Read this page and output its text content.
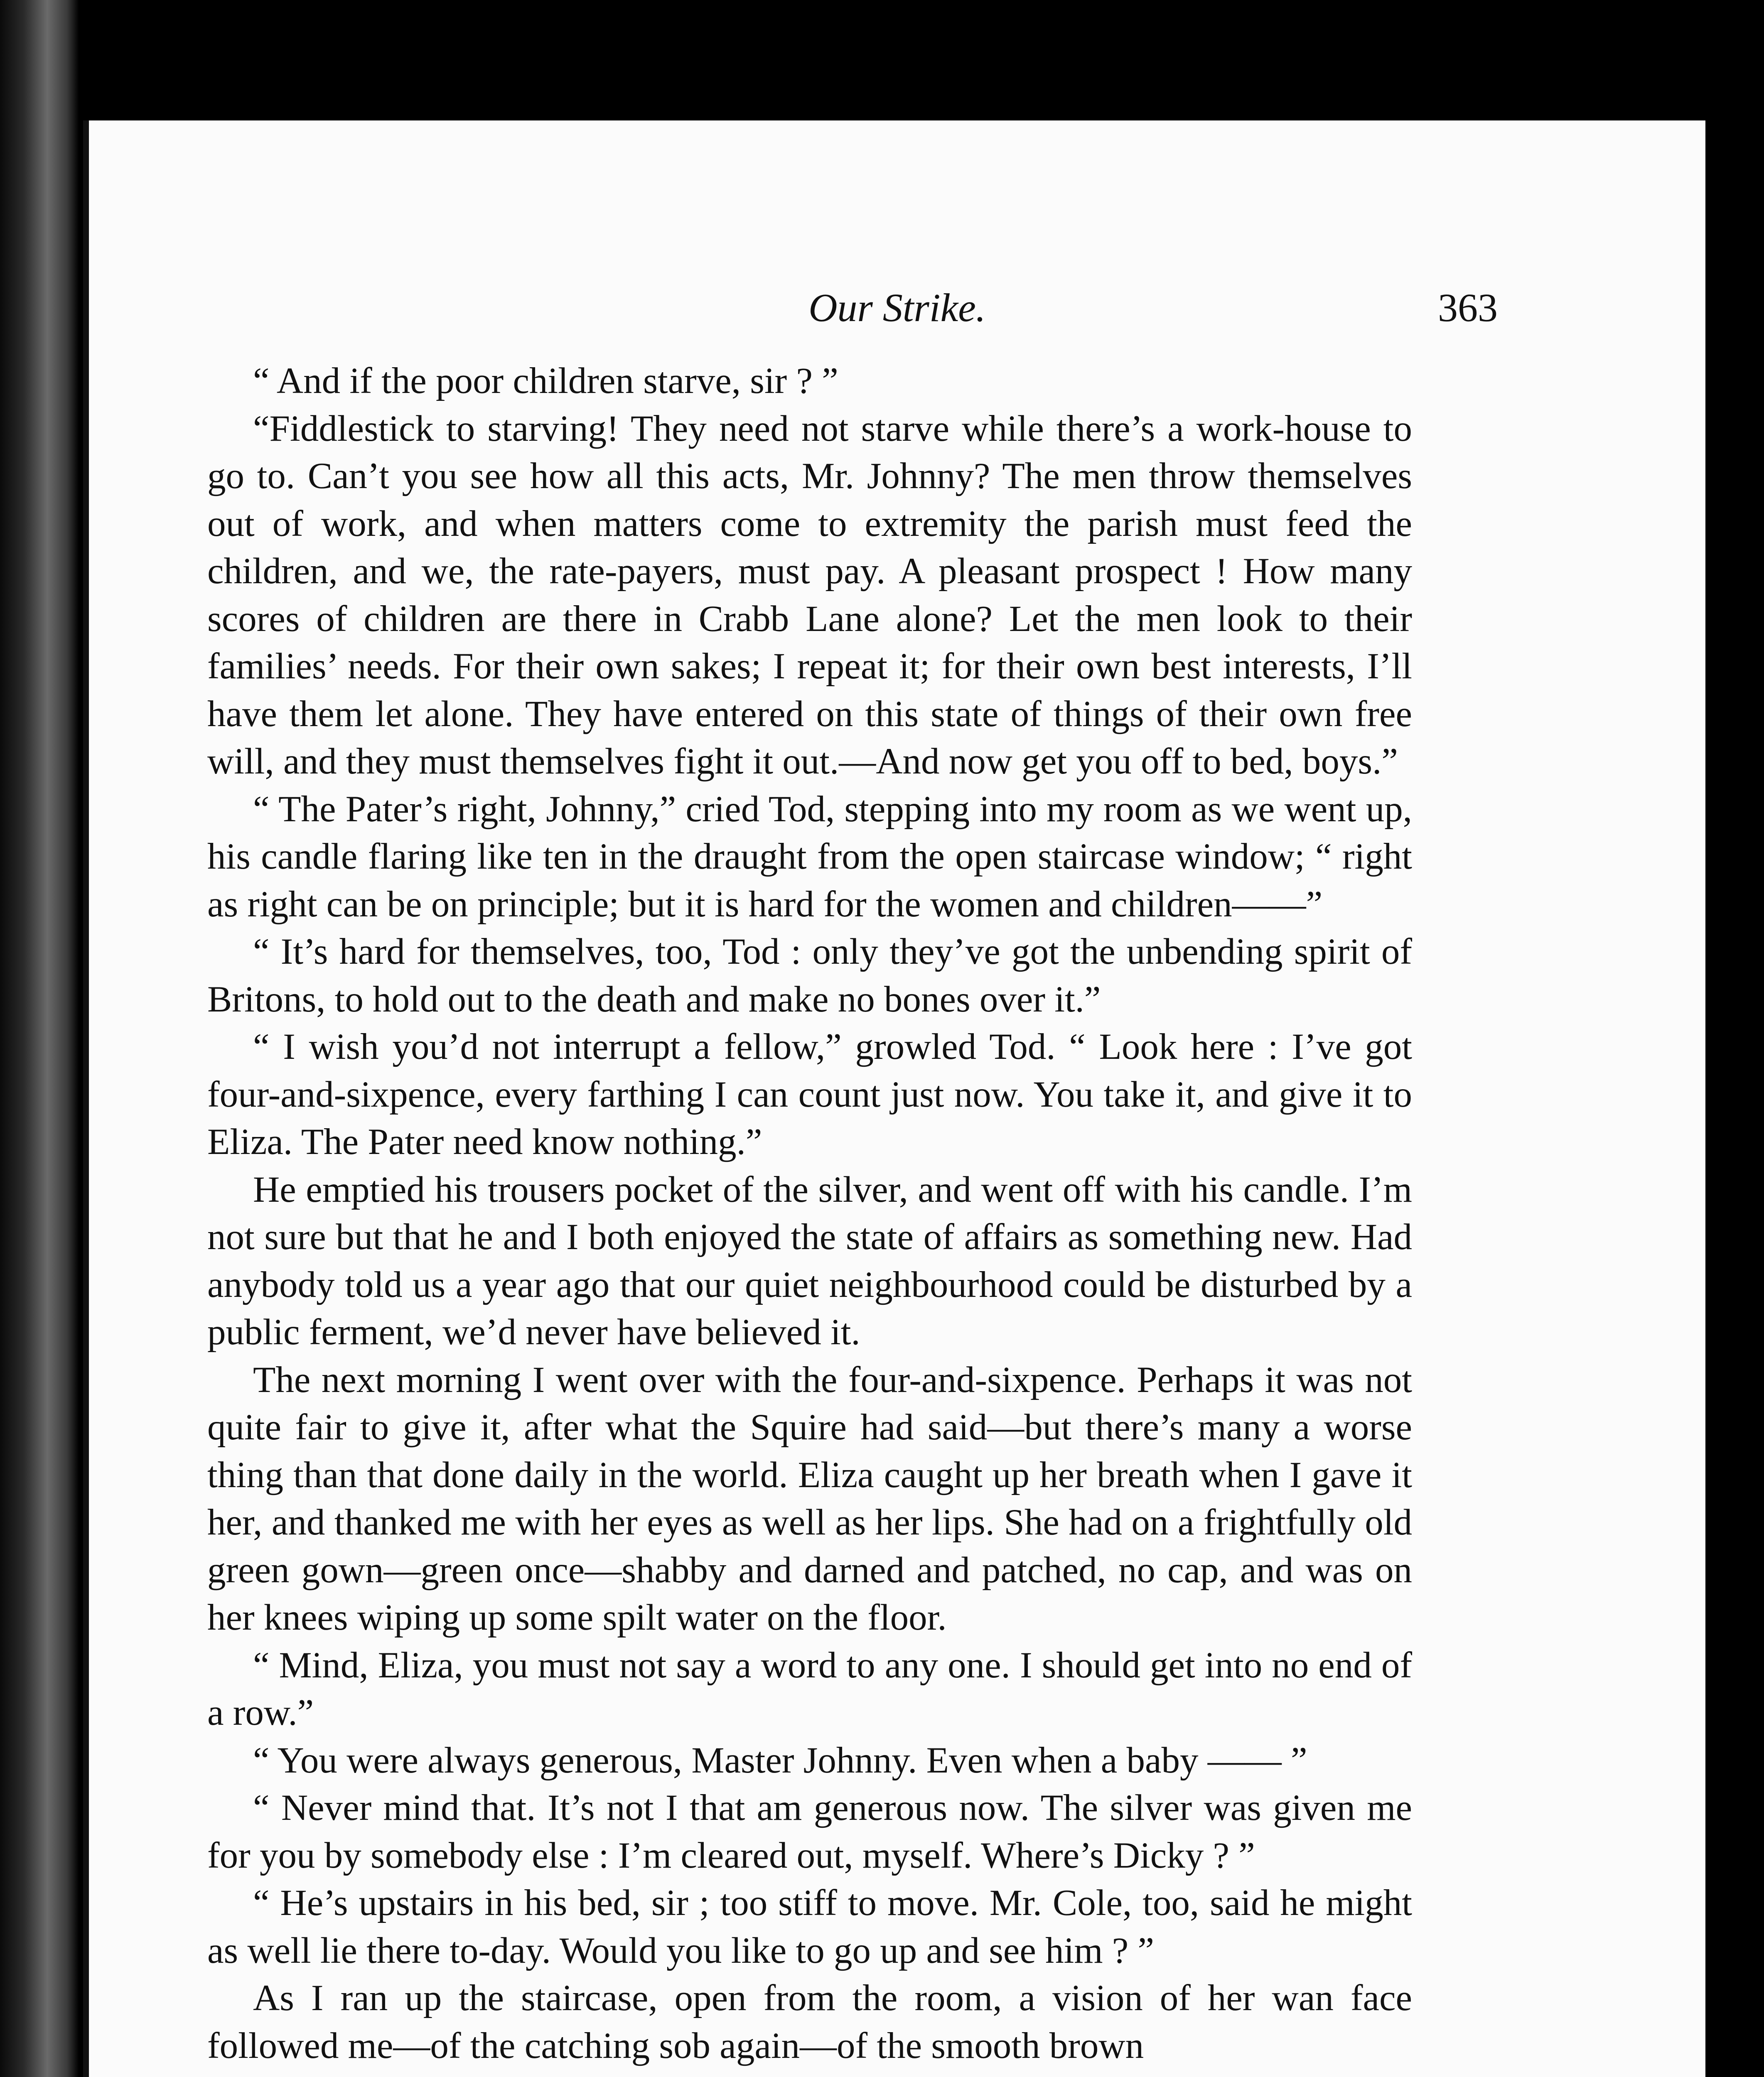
Our Strike.	363

“ And if the poor children starve, sir ? ”

“Fiddlestick to starving! They need not starve while there’s a work-house to go to. Can’t you see how all this acts, Mr. Johnny? The men throw themselves out of work, and when matters come to extremity the parish must feed the children, and we, the rate-payers, must pay. A pleasant prospect ! How many scores of children are there in Crabb Lane alone? Let the men look to their families’ needs. For their own sakes; I repeat it; for their own best interests, I’ll have them let alone. They have entered on this state of things of their own free will, and they must themselves fight it out.—And now get you off to bed, boys.”

“ The Pater’s right, Johnny,” cried Tod, stepping into my room as we went up, his candle flaring like ten in the draught from the open staircase window; “ right as right can be on principle; but it is hard for the women and children——”

“ It’s hard for themselves, too, Tod : only they’ve got the unbending spirit of Britons, to hold out to the death and make no bones over it.”

“ I wish you’d not interrupt a fellow,” growled Tod. “ Look here : I’ve got four-and-sixpence, every farthing I can count just now. You take it, and give it to Eliza. The Pater need know nothing.”

He emptied his trousers pocket of the silver, and went off with his candle. I’m not sure but that he and I both enjoyed the state of affairs as something new. Had anybody told us a year ago that our quiet neighbourhood could be disturbed by a public ferment, we’d never have believed it.

The next morning I went over with the four-and-sixpence. Perhaps it was not quite fair to give it, after what the Squire had said—but there’s many a worse thing than that done daily in the world. Eliza caught up her breath when I gave it her, and thanked me with her eyes as well as her lips. She had on a frightfully old green gown—green once—shabby and darned and patched, no cap, and was on her knees wiping up some spilt water on the floor.

“ Mind, Eliza, you must not say a word to any one. I should get into no end of a row.”

“ You were always generous, Master Johnny. Even when a baby —— ”

“ Never mind that. It’s not I that am generous now. The silver was given me for you by somebody else : I’m cleared out, myself. Where’s Dicky ? ”

“ He’s upstairs in his bed, sir ; too stiff to move. Mr. Cole, too, said he might as well lie there to-day. Would you like to go up and see him ? ”

As I ran up the staircase, open from the room, a vision of her wan face followed me—of the catching sob again—of the smooth brown
